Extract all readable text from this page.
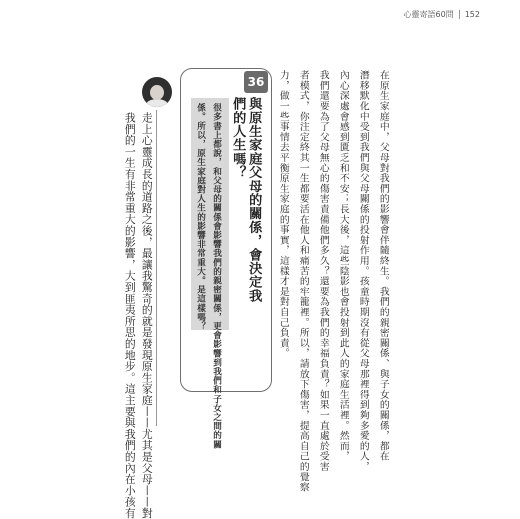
心靈寄語60問 152
在原生家庭中，父母對我們的影響會伴隨終生。我們的親密關係、與子女的關係，都在
潛移默化中受到我們與父母關係的投射作用。孩童時期沒有從父母那裡得到夠多愛的人，
內心深處會感到匱乏和不安；長大後，這些陰影也會投射到此人的家庭生活裡。然而，
我們還要為了父母無心的傷害責備他們多久？還要為我們的幸福負責？如果一直處於受害
者模式，你注定終其一生都要活在他人和痛苦的牢籠裡。所以，請放下傷害，提高自己的覺察
力，做一些事情去平衡原生家庭的事實，這樣才是對自己負責。
36
與原生家庭父母的關係，會決定我
們的人生嗎？
很多書上都說，和父母的關係會影響我們的親密關係，更會影響到我們和子女之間的關
係。所以，原生家庭對人生的影響非常重大。是這樣嗎？
走上心靈成長的道路之後，最讓我驚奇的就是發現原生家庭——尤其是父母——對
我們的一生有非常重大的影響，大到匪夷所思的地步。這主要與我們的內在小孩有
